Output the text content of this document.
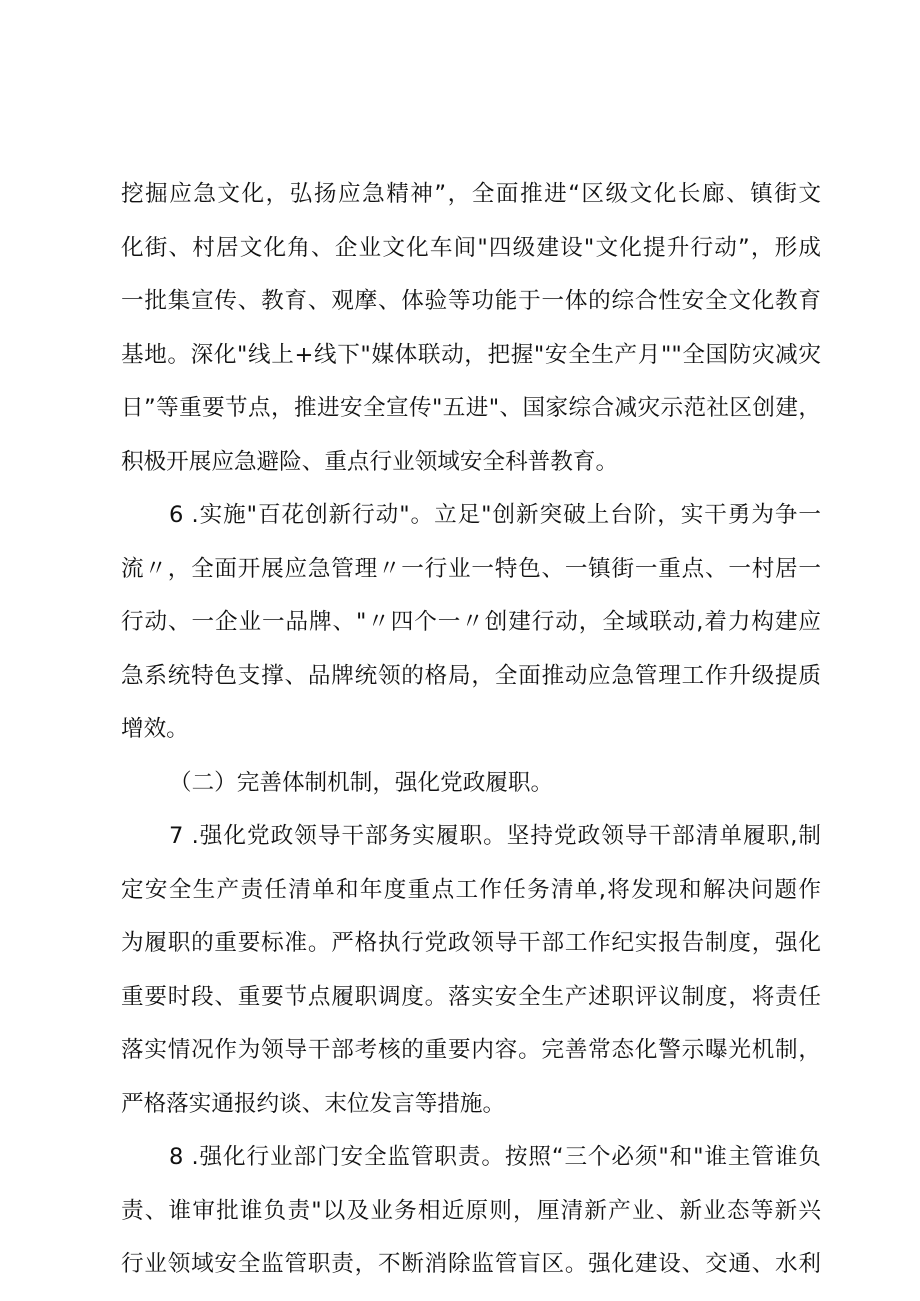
挖掘应急文化，弘扬应急精神”，全面推进“区级文化长廊、镇街文
化街、村居文化角、企业文化车间"四级建设"文化提升行动”，形成
一批集宣传、教育、观摩、体验等功能于一体的综合性安全文化教育
基地。深化"线上+线下"媒体联动，把握"安全生产月""全国防灾减灾
日”等重要节点，推进安全宣传"五进"、国家综合减灾示范社区创建，
积极开展应急避险、重点行业领域安全科普教育。
6 .实施"百花创新行动"。立足"创新突破上台阶，实干勇为争一
流〃，全面开展应急管理〃一行业一特色、一镇街一重点、一村居一
行动、一企业一品牌、"〃四个一〃创建行动，全域联动,着力构建应
急系统特色支撑、品牌统领的格局，全面推动应急管理工作升级提质
增效。
（二）完善体制机制，强化党政履职。
7 .强化党政领导干部务实履职。坚持党政领导干部清单履职,制
定安全生产责任清单和年度重点工作任务清单,将发现和解决问题作
为履职的重要标准。严格执行党政领导干部工作纪实报告制度，强化
重要时段、重要节点履职调度。落实安全生产述职评议制度，将责任
落实情况作为领导干部考核的重要内容。完善常态化警示曝光机制，
严格落实通报约谈、末位发言等措施。
8 .强化行业部门安全监管职责。按照“三个必须"和"谁主管谁负
责、谁审批谁负责"以及业务相近原则，厘清新产业、新业态等新兴
行业领域安全监管职责，不断消除监管盲区。强化建设、交通、水利
